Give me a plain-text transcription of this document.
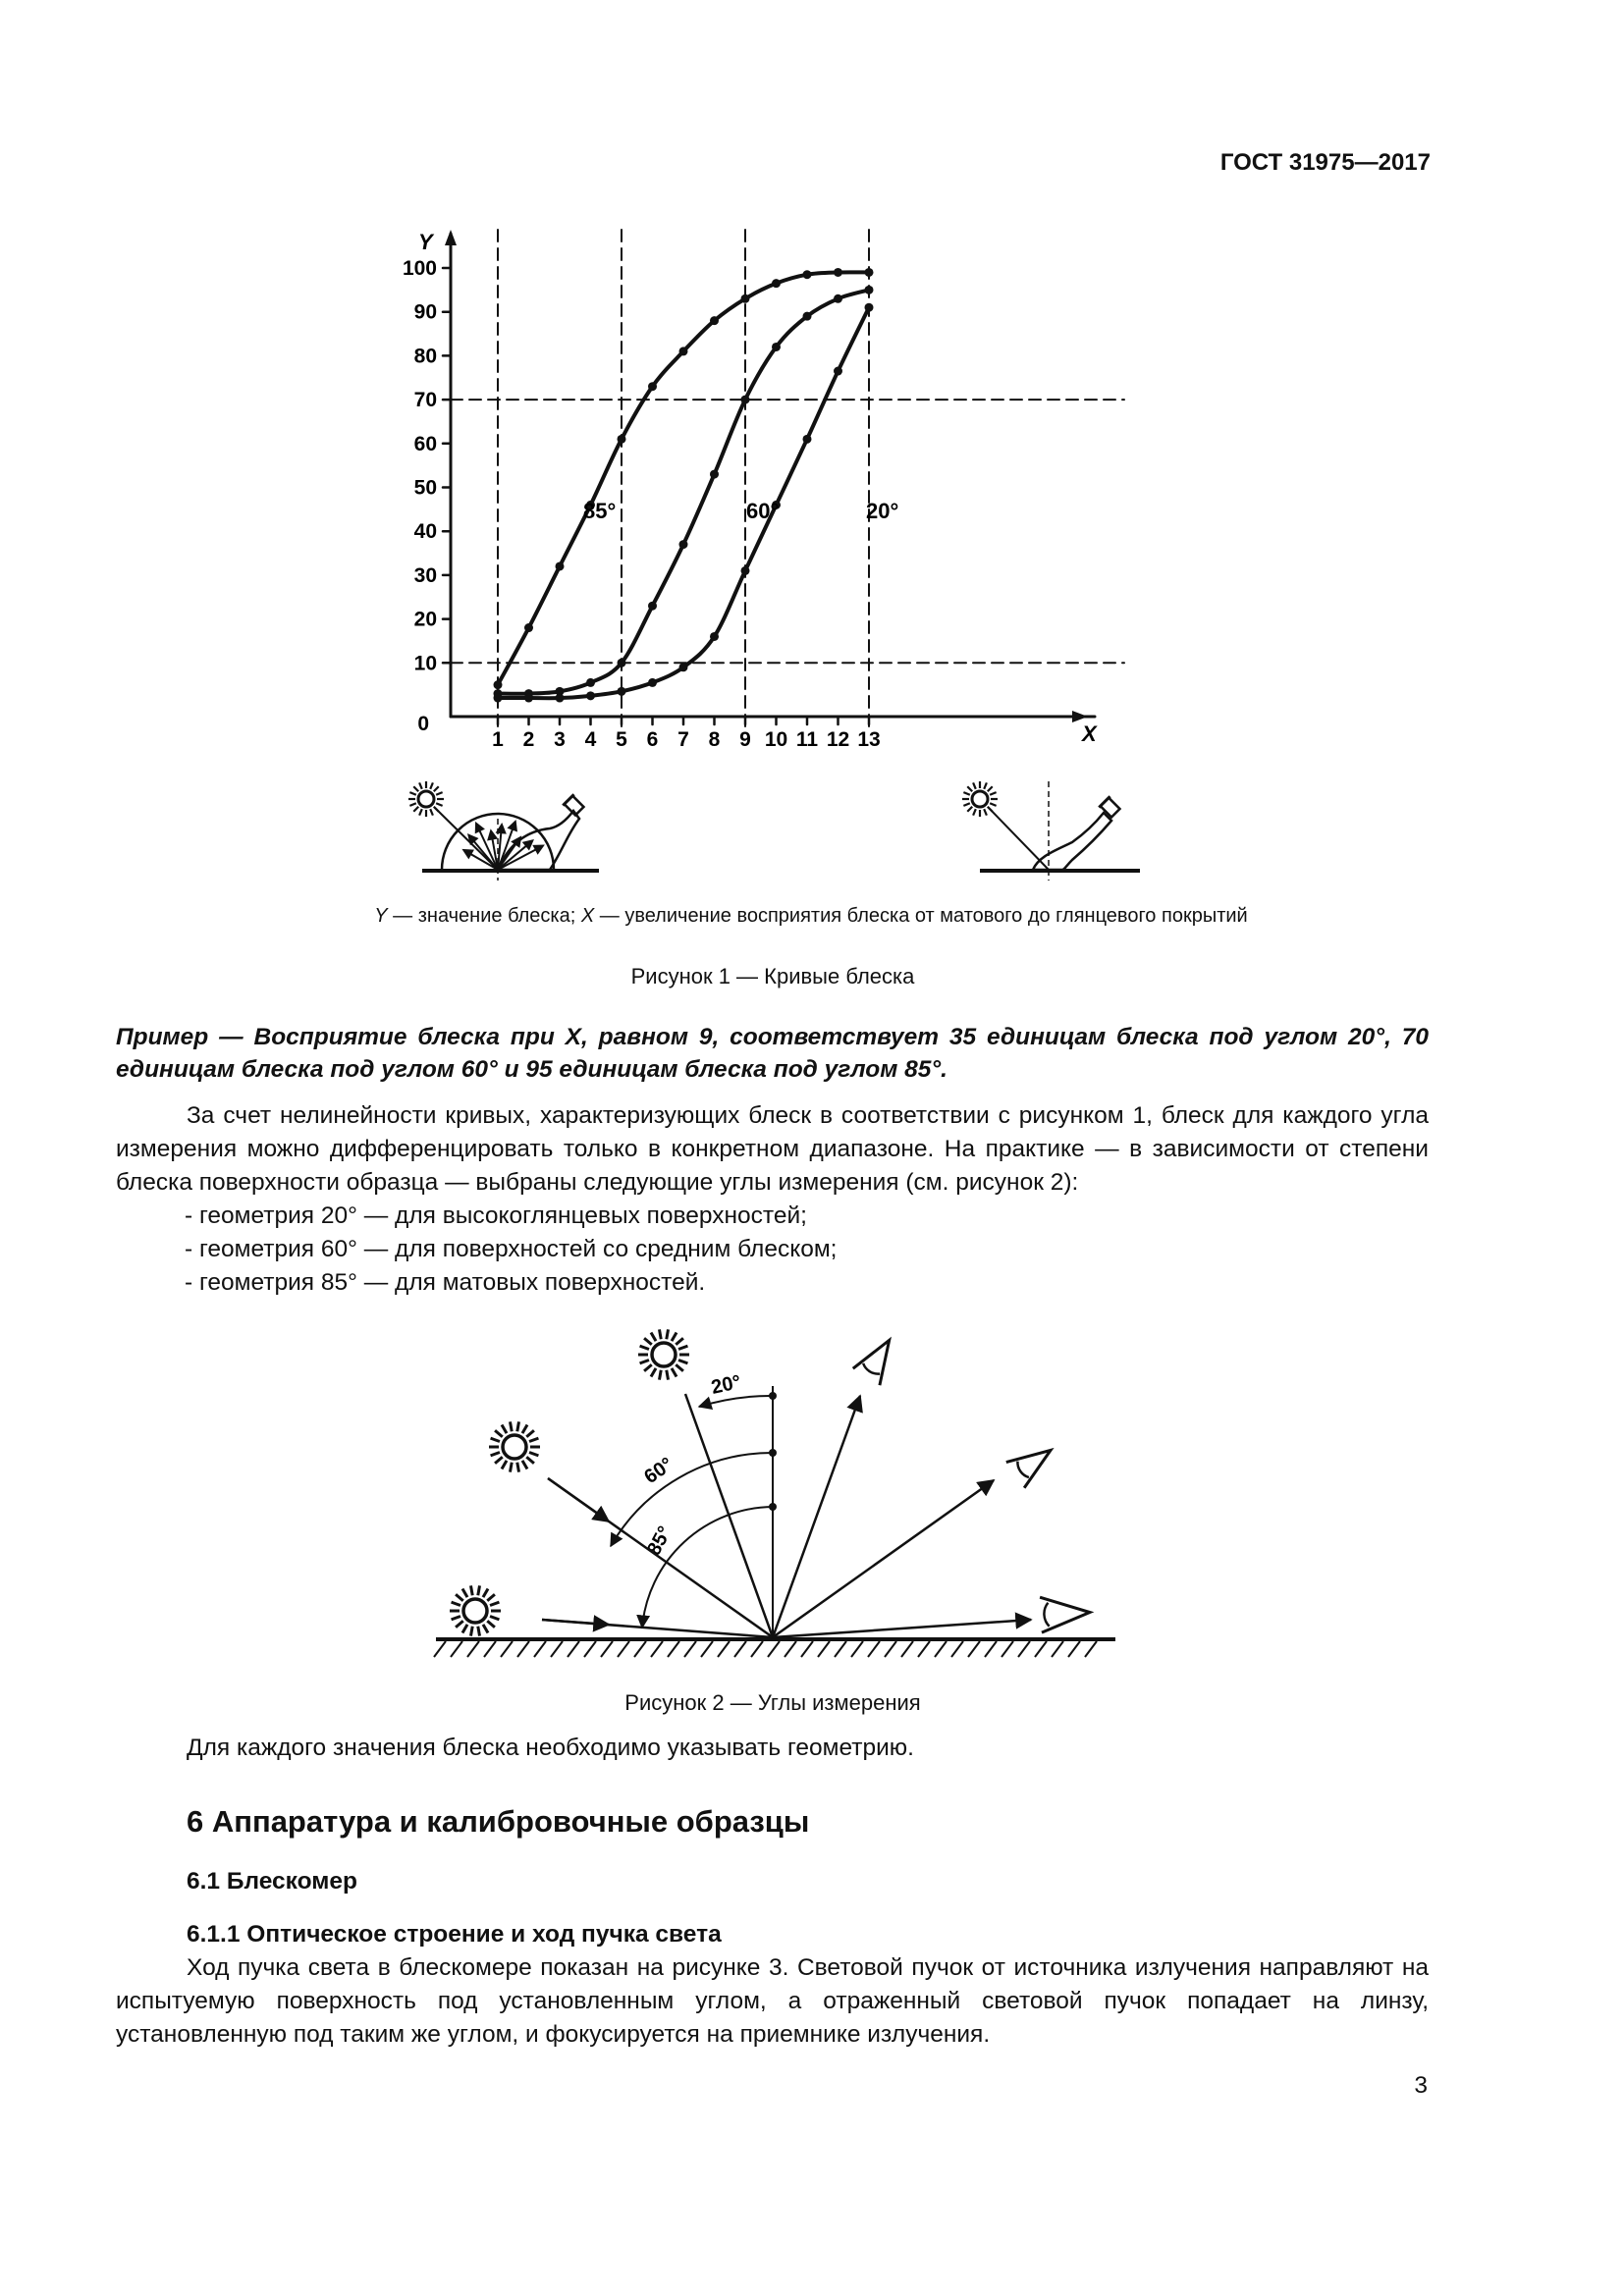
ГОСТ 31975—2017
0
10
20
30
40
50
60
70
80
90
100
1 2 3 4 5 6 7 8 9 10 11 12 13
Y
X
85°	60°	20°
Y — значение блеска; X — увеличение восприятия блеска от матового до глянцевого покрытий
Рисунок 1 — Кривые блеска
Пример — Восприятие блеска при X, равном 9, соответствует 35 единицам блеска под углом 20°, 70 единицам блеска под углом 60° и 95 единицам блеска под углом 85°.
За счет нелинейности кривых, характеризующих блеск в соответствии с рисунком 1, блеск для каждого угла измерения можно дифференцировать только в конкретном диапазоне. На практике — в зависимости от степени блеска поверхности образца — выбраны следующие углы измерения (см. рисунок 2):
- геометрия 20° — для высокоглянцевых поверхностей;
- геометрия 60° — для поверхностей со средним блеском;
- геометрия 85° — для матовых поверхностей.
20°
60°
85°
Рисунок 2 — Углы измерения
Для каждого значения блеска необходимо указывать геометрию.
6 Аппаратура и калибровочные образцы
6.1 Блескомер
6.1.1 Оптическое строение и ход пучка света
Ход пучка света в блескомере показан на рисунке 3. Световой пучок от источника излучения направляют на испытуемую поверхность под установленным углом, а отраженный световой пучок попадает на линзу, установленную под таким же углом, и фокусируется на приемнике излучения.
3
